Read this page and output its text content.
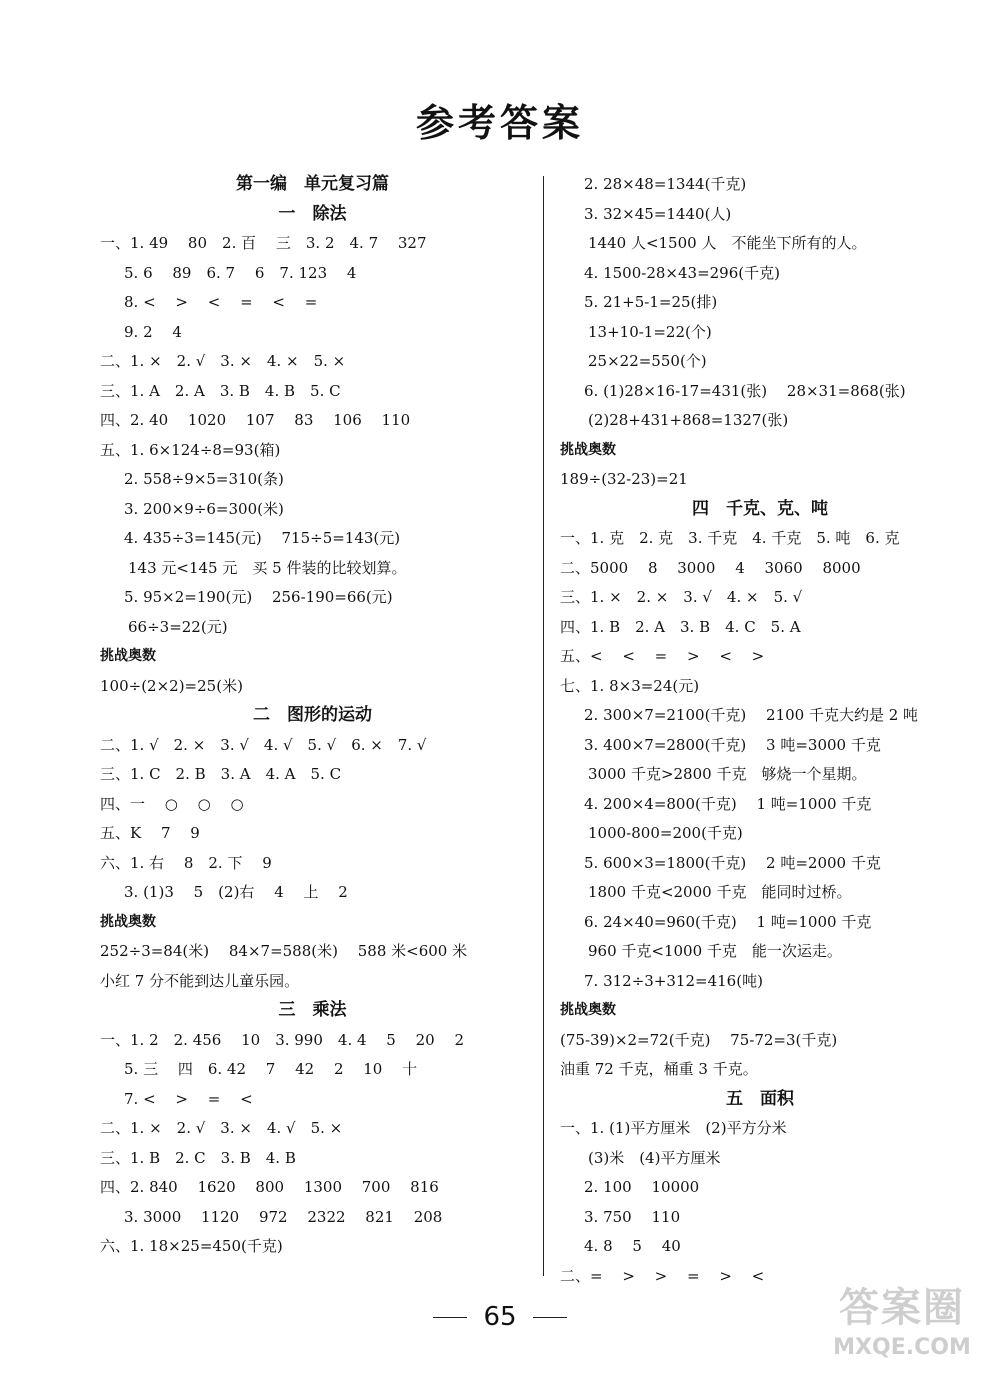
参考答案
第一编　单元复习篇
一　除法
一、1. 49　 80　2. 百　 三　3. 2　4. 7　 327
5. 6　 89　6. 7　 6　7. 123　 4
8. <　 >　 <　 =　 <　 =
9. 2　 4
二、1. ×　2. √　3. ×　4. ×　5. ×
三、1. A　2. A　3. B　4. B　5. C
四、2. 40　 1020　 107　 83　 106　 110
五、1. 6×124÷8=93(箱)
2. 558÷9×5=310(条)
3. 200×9÷6=300(米)
4. 435÷3=145(元)　 715÷5=143(元)
143 元<145 元　买 5 件装的比较划算。
5. 95×2=190(元)　 256-190=66(元)
66÷3=22(元)
挑战奥数
100÷(2×2)=25(米)
二　图形的运动
二、1. √　2. ×　3. √　4. √　5. √　6. ×　7. √
三、1. C　2. B　3. A　4. A　5. C
四、一　 ○　 ○　 ○
五、K　 7　 9
六、1. 右　 8　2. 下　 9
3. (1)3　 5　(2)右　 4　 上　 2
挑战奥数
252÷3=84(米)　 84×7=588(米)　 588 米<600 米
小红 7 分不能到达儿童乐园。
三　乘法
一、1. 2　2. 456　 10　3. 990　4. 4　 5　 20　 2
5. 三　 四　6. 42　 7　 42　 2　 10　 十
7. <　 >　 =　 <
二、1. ×　2. √　3. ×　4. √　5. ×
三、1. B　2. C　3. B　4. B
四、2. 840　 1620　 800　 1300　 700　 816
3. 3000　 1120　 972　 2322　 821　 208
六、1. 18×25=450(千克)
2. 28×48=1344(千克)
3. 32×45=1440(人)
1440 人<1500 人　不能坐下所有的人。
4. 1500-28×43=296(千克)
5. 21+5-1=25(排)
13+10-1=22(个)
25×22=550(个)
6. (1)28×16-17=431(张)　 28×31=868(张)
(2)28+431+868=1327(张)
挑战奥数
189÷(32-23)=21
四　千克、克、吨
一、1. 克　2. 克　3. 千克　4. 千克　5. 吨　6. 克
二、5000　 8　 3000　 4　 3060　 8000
三、1. ×　2. ×　3. √　4. ×　5. √
四、1. B　2. A　3. B　4. C　5. A
五、<　 <　 =　 >　 <　 >
七、1. 8×3=24(元)
2. 300×7=2100(千克)　 2100 千克大约是 2 吨
3. 400×7=2800(千克)　 3 吨=3000 千克
3000 千克>2800 千克　够烧一个星期。
4. 200×4=800(千克)　 1 吨=1000 千克
1000-800=200(千克)
5. 600×3=1800(千克)　 2 吨=2000 千克
1800 千克<2000 千克　能同时过桥。
6. 24×40=960(千克)　 1 吨=1000 千克
960 千克<1000 千克　能一次运走。
7. 312÷3+312=416(吨)
挑战奥数
(75-39)×2=72(千克)　 75-72=3(千克)
油重 72 千克，桶重 3 千克。
五　面积
一、1. (1)平方厘米　(2)平方分米
(3)米　(4)平方厘米
2. 100　 10000
3. 750　 110
4. 8　 5　 40
二、=　 >　 >　 =　 >　 <
65	答案圈
MXQE.COM
